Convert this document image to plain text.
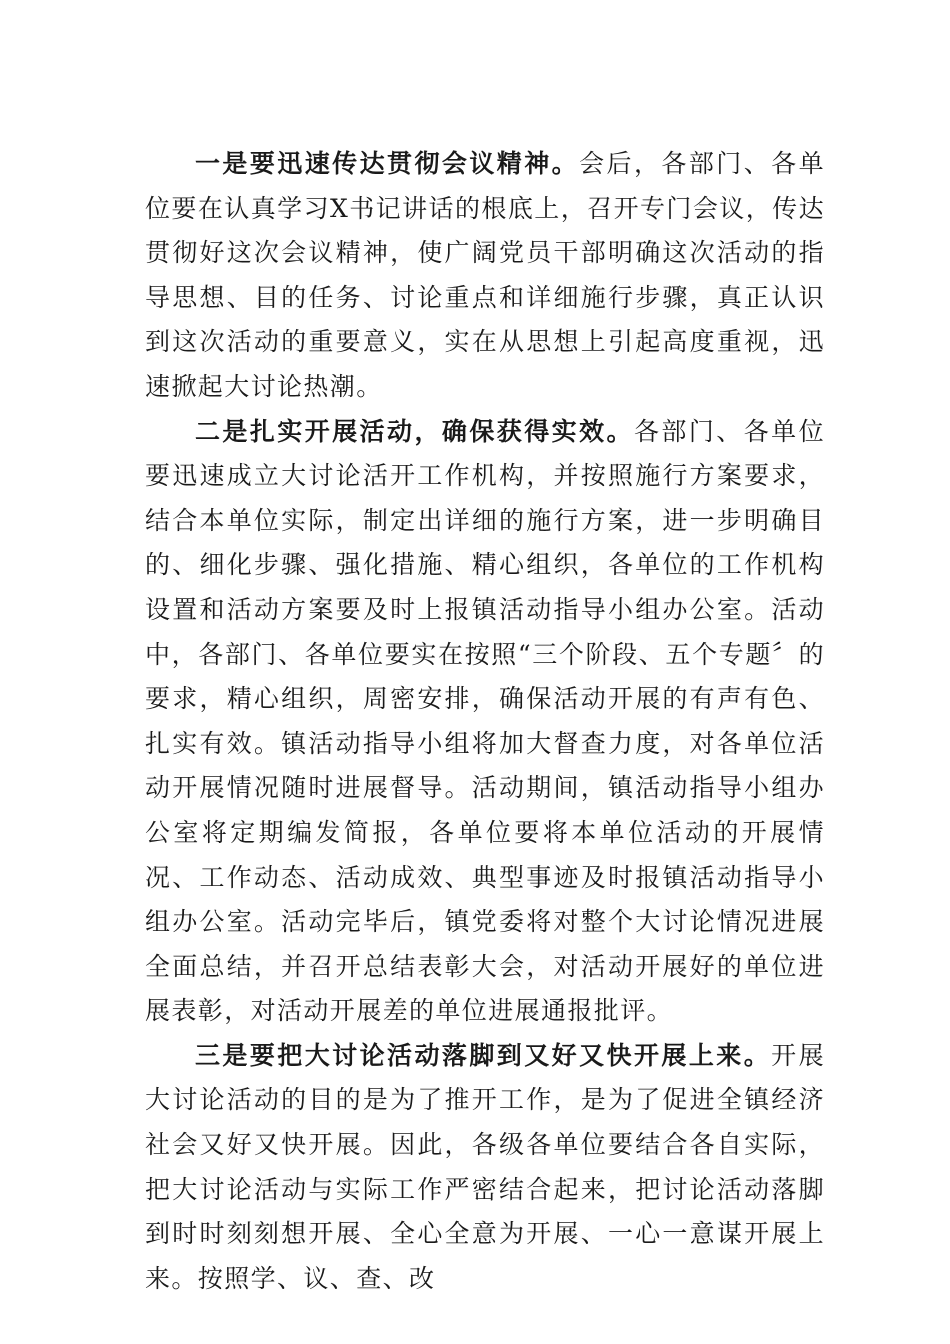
一是要迅速传达贯彻会议精神。会后，各部门、各单位要在认真学习X书记讲话的根底上，召开专门会议，传达贯彻好这次会议精神，使广阔党员干部明确这次活动的指导思想、目的任务、讨论重点和详细施行步骤，真正认识到这次活动的重要意义，实在从思想上引起高度重视，迅速掀起大讨论热潮。

二是扎实开展活动，确保获得实效。各部门、各单位要迅速成立大讨论活开工作机构，并按照施行方案要求，结合本单位实际，制定出详细的施行方案，进一步明确目的、细化步骤、强化措施、精心组织，各单位的工作机构设置和活动方案要及时上报镇活动指导小组办公室。活动中，各部门、各单位要实在按照“三个阶段、五个专题〞的要求，精心组织，周密安排，确保活动开展的有声有色、扎实有效。镇活动指导小组将加大督查力度，对各单位活动开展情况随时进展督导。活动期间，镇活动指导小组办公室将定期编发简报，各单位要将本单位活动的开展情况、工作动态、活动成效、典型事迹及时报镇活动指导小组办公室。活动完毕后，镇党委将对整个大讨论情况进展全面总结，并召开总结表彰大会，对活动开展好的单位进展表彰，对活动开展差的单位进展通报批评。

三是要把大讨论活动落脚到又好又快开展上来。开展大讨论活动的目的是为了推开工作，是为了促进全镇经济社会又好又快开展。因此，各级各单位要结合各自实际，把大讨论活动与实际工作严密结合起来，把讨论活动落脚到时时刻刻想开展、全心全意为开展、一心一意谋开展上来。按照学、议、查、改
